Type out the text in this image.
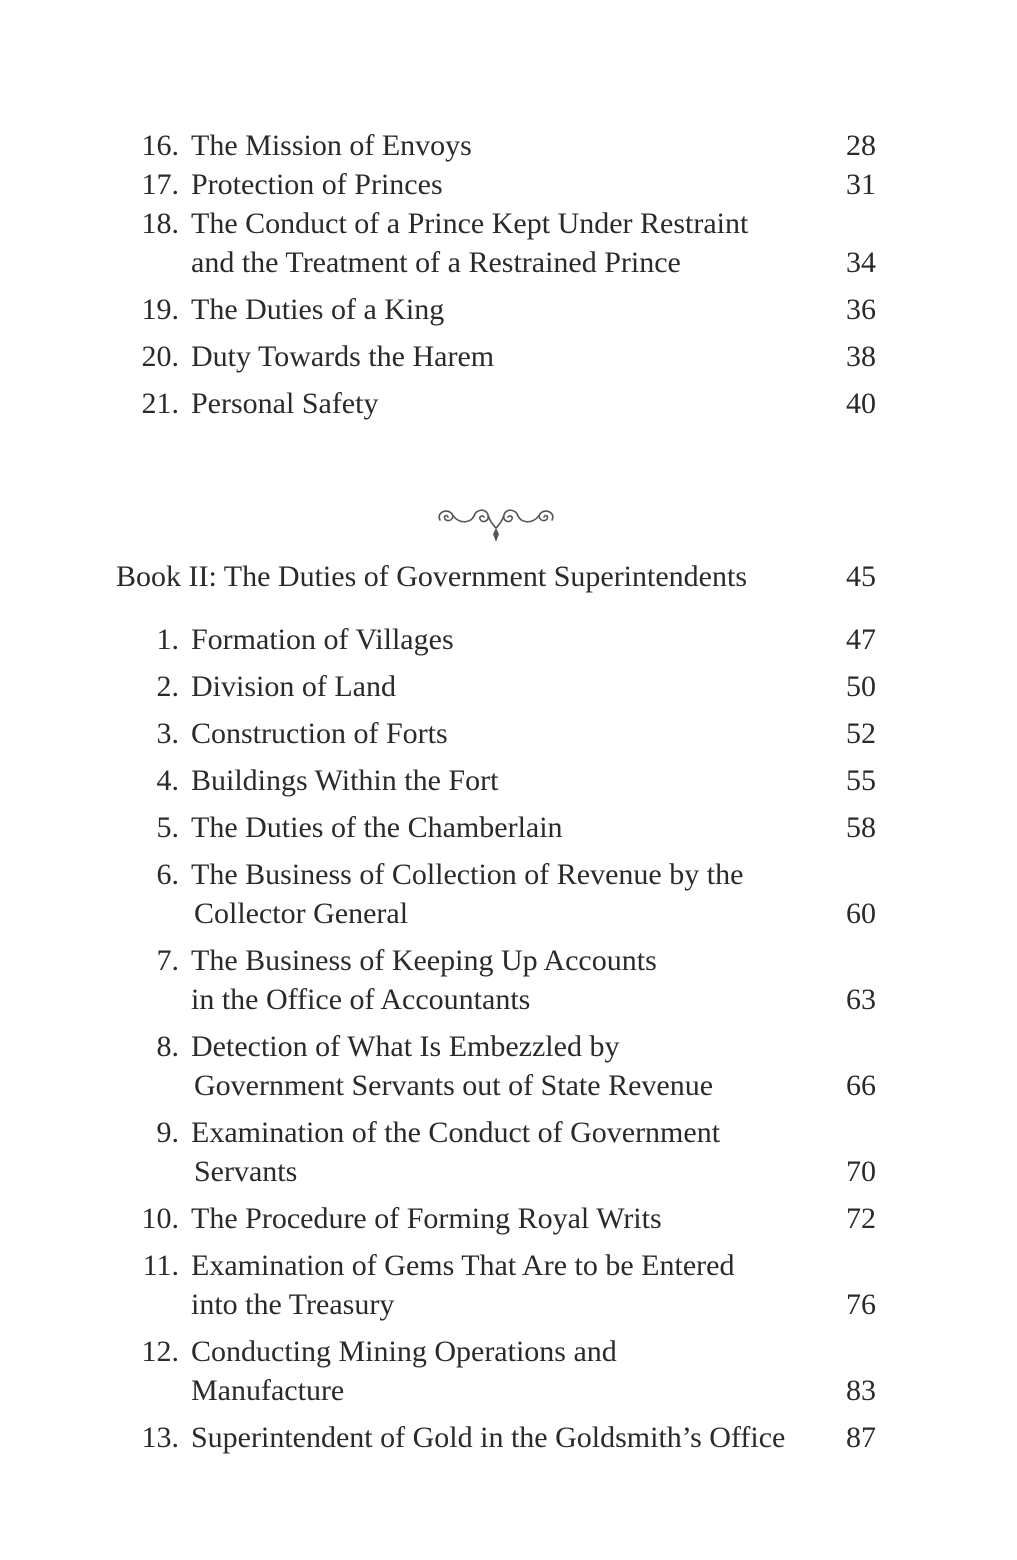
16. The Mission of Envoys	28
17. Protection of Princes	31
18. The Conduct of a Prince Kept Under Restraint
and the Treatment of a Restrained Prince	34
19. The Duties of a King	36
20. Duty Towards the Harem	38
21. Personal Safety	40
Book II: The Duties of Government Superintendents	45
1. Formation of Villages	47
2. Division of Land	50
3. Construction of Forts	52
4. Buildings Within the Fort	55
5. The Duties of the Chamberlain	58
6. The Business of Collection of Revenue by the
Collector General	60
7. The Business of Keeping Up Accounts
in the Office of Accountants	63
8. Detection of What Is Embezzled by
Government Servants out of State Revenue	66
9. Examination of the Conduct of Government
Servants	70
10. The Procedure of Forming Royal Writs	72
11. Examination of Gems That Are to be Entered
into the Treasury	76
12. Conducting Mining Operations and
Manufacture	83
13. Superintendent of Gold in the Goldsmith’s Office	87
